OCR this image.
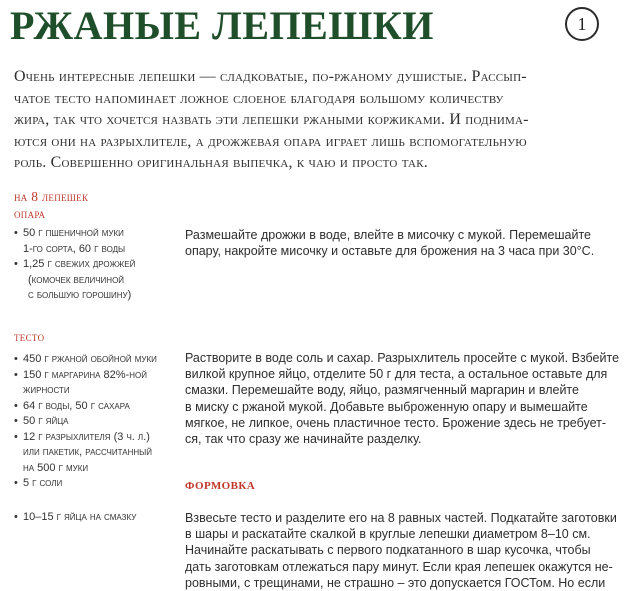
РЖАНЫЕ ЛЕПЕШКИ	1

Очень интересные лепешки — сладковатые, по-ржаному душистые. Рассып-
чатое тесто напоминает ложное слоеное благодаря большому количеству
жира, так что хочется назвать эти лепешки ржаными коржиками. И поднима-
ются они на разрыхлителе, а дрожжевая опара играет лишь вспомогательную
роль. Совершенно оригинальная выпечка, к чаю и просто так.

на 8 лепешек
опара
• 50 г пшеничной муки
1-го сорта, 60 г воды
• 1,25 г свежих дрожжей
(комочек величиной
с большую горошину)

Размешайте дрожжи в воде, влейте в мисочку с мукой. Перемешайте
опару, накройте мисочку и оставьте для брожения на 3 часа при 30°С.

тесто
• 450 г ржаной обойной муки
• 150 г маргарина 82%-ной
жирности
• 64 г воды, 50 г сахара
• 50 г яйца
• 12 г разрыхлителя (3 ч. л.)
или пакетик, рассчитанный
на 500 г муки
• 5 г соли

Растворите в воде соль и сахар. Разрыхлитель просейте с мукой. Взбейте
вилкой крупное яйцо, отделите 50 г для теста, а остальное оставьте для
смазки. Перемешайте воду, яйцо, размягченный маргарин и влейте
в миску с ржаной мукой. Добавьте выброженную опару и вымешайте
мягкое, не липкое, очень пластичное тесто. Брожение здесь не требует-
ся, так что сразу же начинайте разделку.

формовка
• 10–15 г яйца на смазку	Взвесьте тесто и разделите его на 8 равных частей. Подкатайте заготовки
в шары и раскатайте скалкой в круглые лепешки диаметром 8–10 см.
Начинайте раскатывать с первого подкатанного в шар кусочка, чтобы
дать заготовкам отлежаться пару минут. Если края лепешек окажутся не-
ровными, с трещинами, не страшно – это допускается ГОСТом. Но если
